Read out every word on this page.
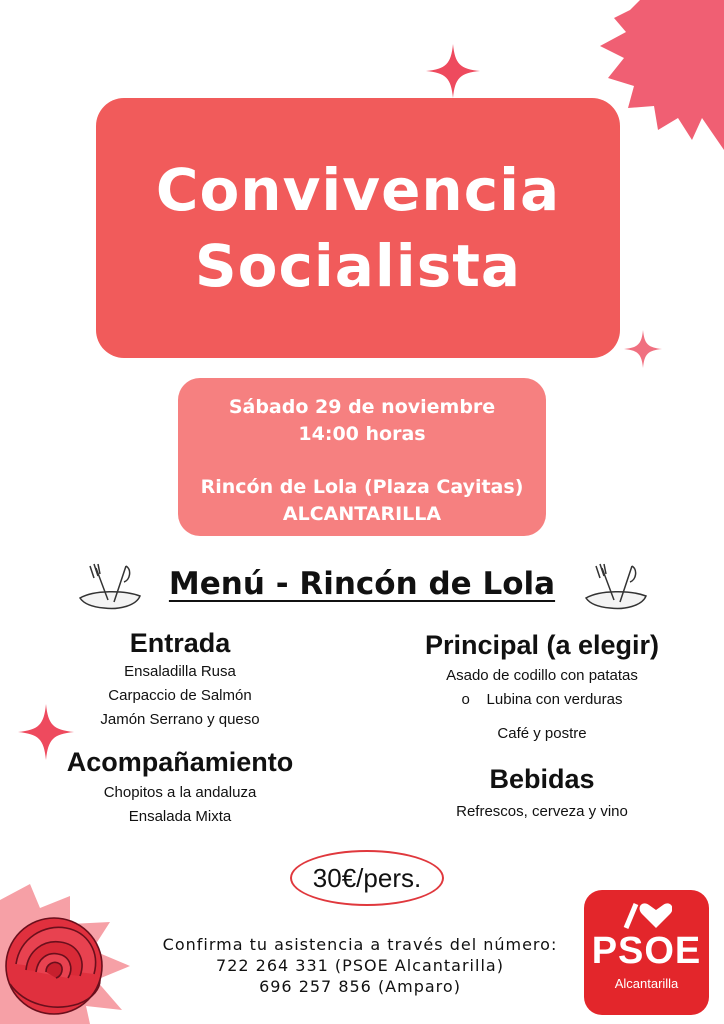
Convivencia
Socialista
Sábado 29 de noviembre
14:00 horas
Rincón de Lola (Plaza Cayitas)
ALCANTARILLA
Menú - Rincón de Lola
Entrada
Ensaladilla Rusa
Carpaccio de Salmón
Jamón Serrano y queso
Acompañamiento
Chopitos a la andaluza
Ensalada Mixta
Principal (a elegir)
Asado de codillo con patatas
o    Lubina con verduras
Café y postre
Bebidas
Refrescos, cerveza y vino
30€/pers.
Confirma tu asistencia a través del número:
722 264 331 (PSOE Alcantarilla)
696 257 856 (Amparo)
PSOE
Alcantarilla
